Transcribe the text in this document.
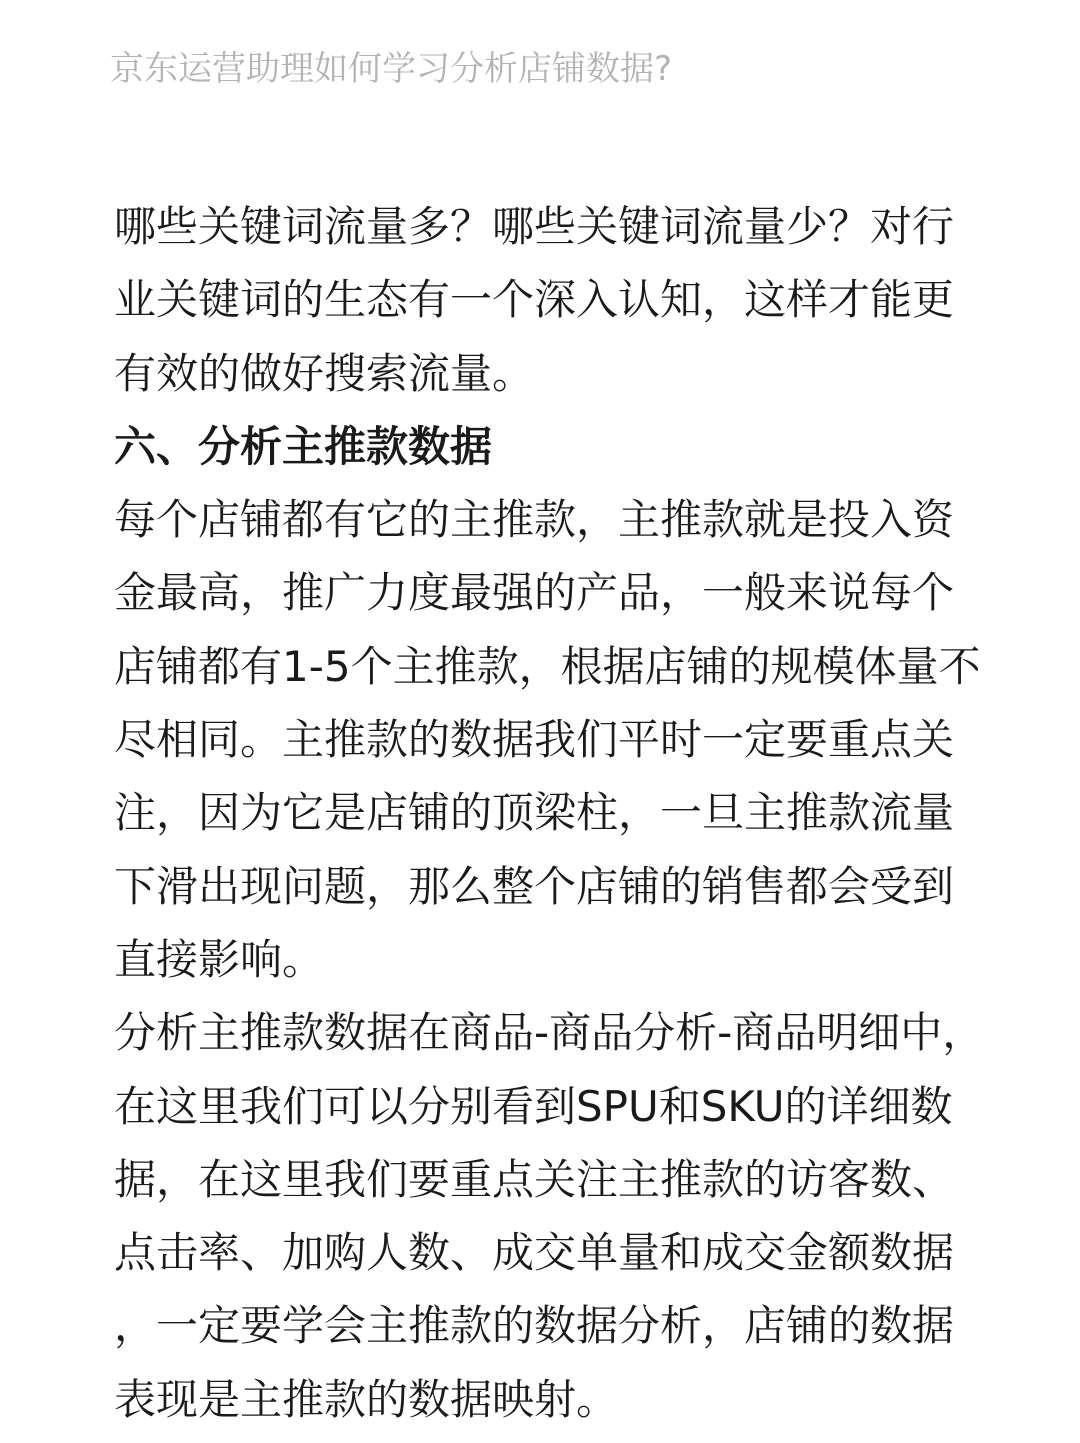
京东运营助理如何学习分析店铺数据?
哪些关键词流量多？哪些关键词流量少？对行
业关键词的生态有一个深入认知，这样才能更
有效的做好搜索流量。
六、分析主推款数据
每个店铺都有它的主推款，主推款就是投入资
金最高，推广力度最强的产品，一般来说每个
店铺都有1-5个主推款，根据店铺的规模体量不
尽相同。主推款的数据我们平时一定要重点关
注，因为它是店铺的顶梁柱，一旦主推款流量
下滑出现问题，那么整个店铺的销售都会受到
直接影响。
分析主推款数据在商品-商品分析-商品明细中，
在这里我们可以分别看到SPU和SKU的详细数
据，在这里我们要重点关注主推款的访客数、
点击率、加购人数、成交单量和成交金额数据
，一定要学会主推款的数据分析，店铺的数据
表现是主推款的数据映射。
